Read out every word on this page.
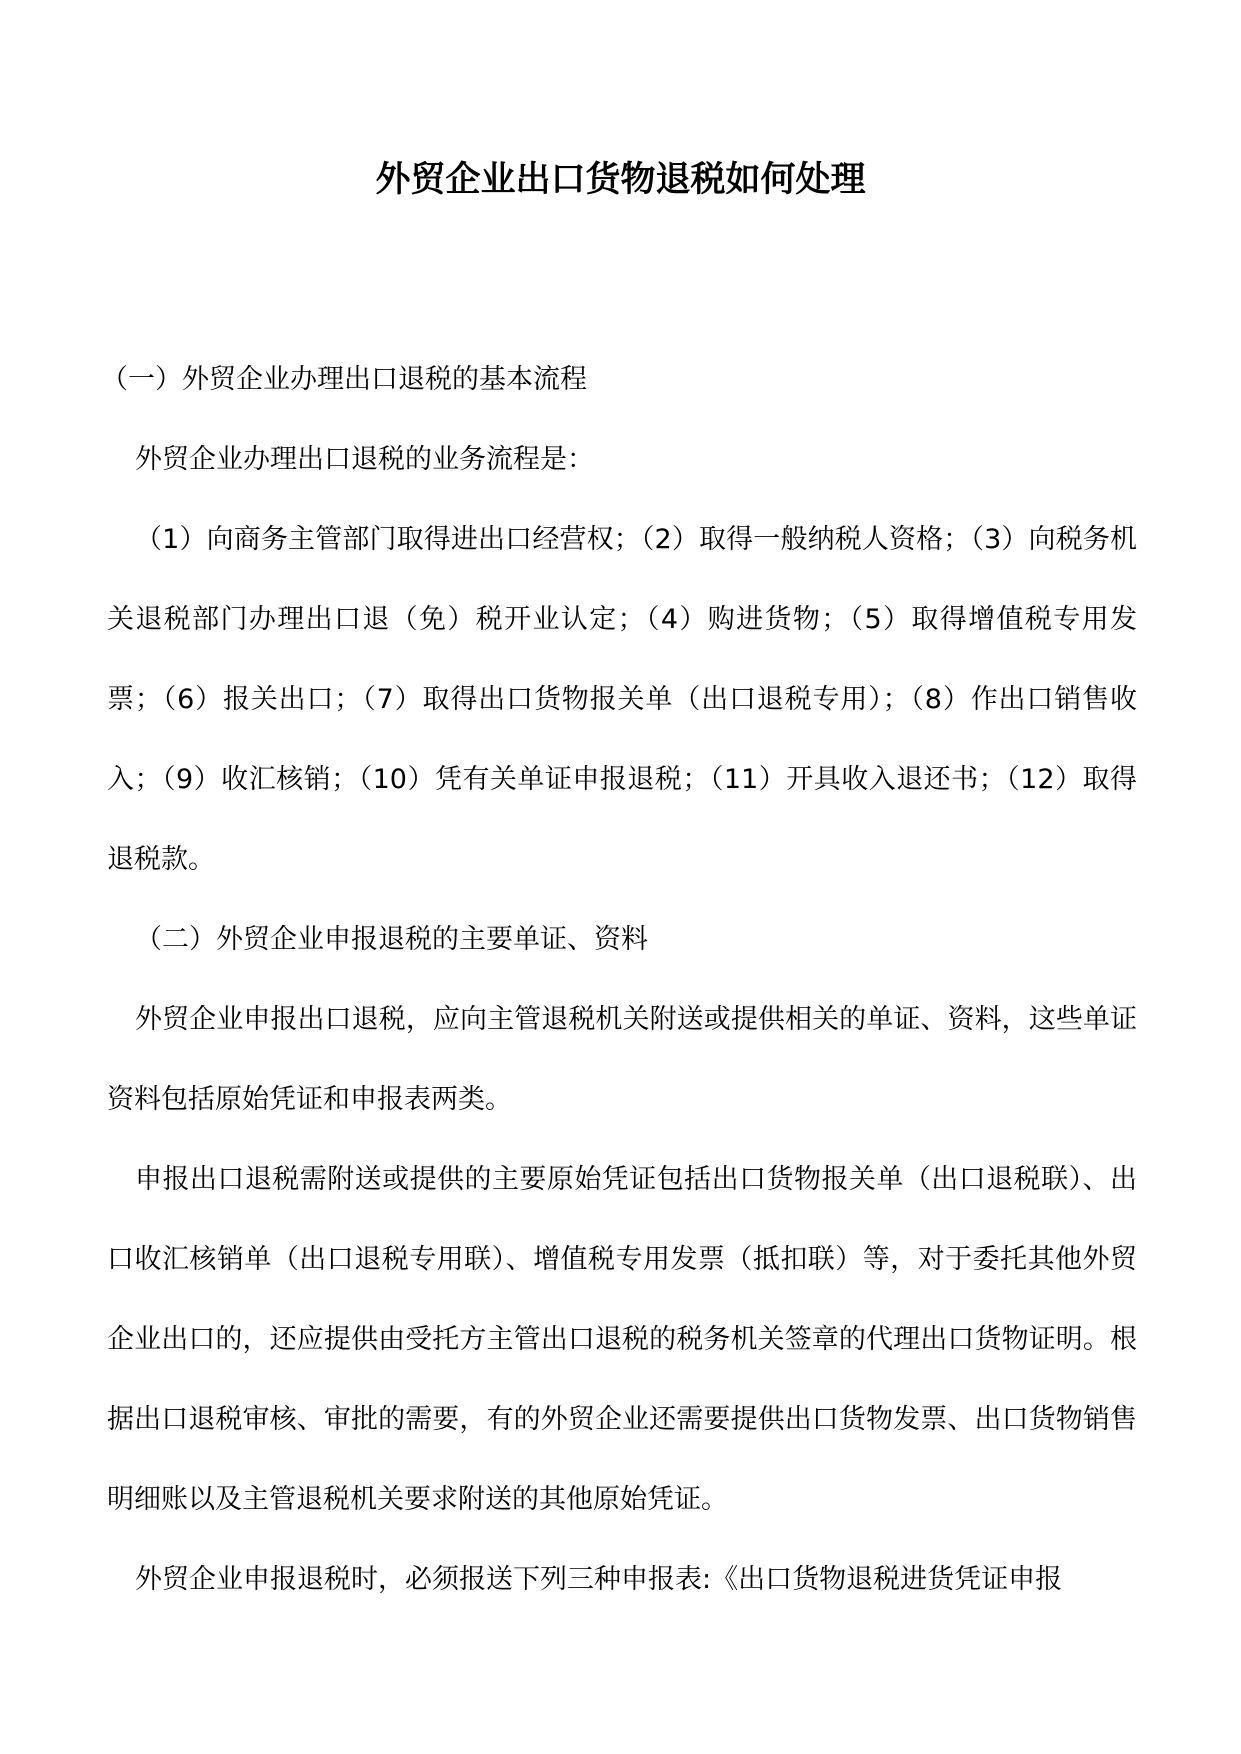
外贸企业出口货物退税如何处理

（一）外贸企业办理出口退税的基本流程

外贸企业办理出口退税的业务流程是：

（1）向商务主管部门取得进出口经营权；（2）取得一般纳税人资格；（3）向税务机关退税部门办理出口退（免）税开业认定；（4）购进货物；（5）取得增值税专用发票；（6）报关出口；（7）取得出口货物报关单（出口退税专用）；（8）作出口销售收入；（9）收汇核销；（10）凭有关单证申报退税；（11）开具收入退还书；（12）取得退税款。

（二）外贸企业申报退税的主要单证、资料

外贸企业申报出口退税，应向主管退税机关附送或提供相关的单证、资料，这些单证资料包括原始凭证和申报表两类。

申报出口退税需附送或提供的主要原始凭证包括出口货物报关单（出口退税联）、出口收汇核销单（出口退税专用联）、增值税专用发票（抵扣联）等，对于委托其他外贸企业出口的，还应提供由受托方主管出口退税的税务机关签章的代理出口货物证明。根据出口退税审核、审批的需要，有的外贸企业还需要提供出口货物发票、出口货物销售明细账以及主管退税机关要求附送的其他原始凭证。

外贸企业申报退税时，必须报送下列三种申报表:《出口货物退税进货凭证申报
